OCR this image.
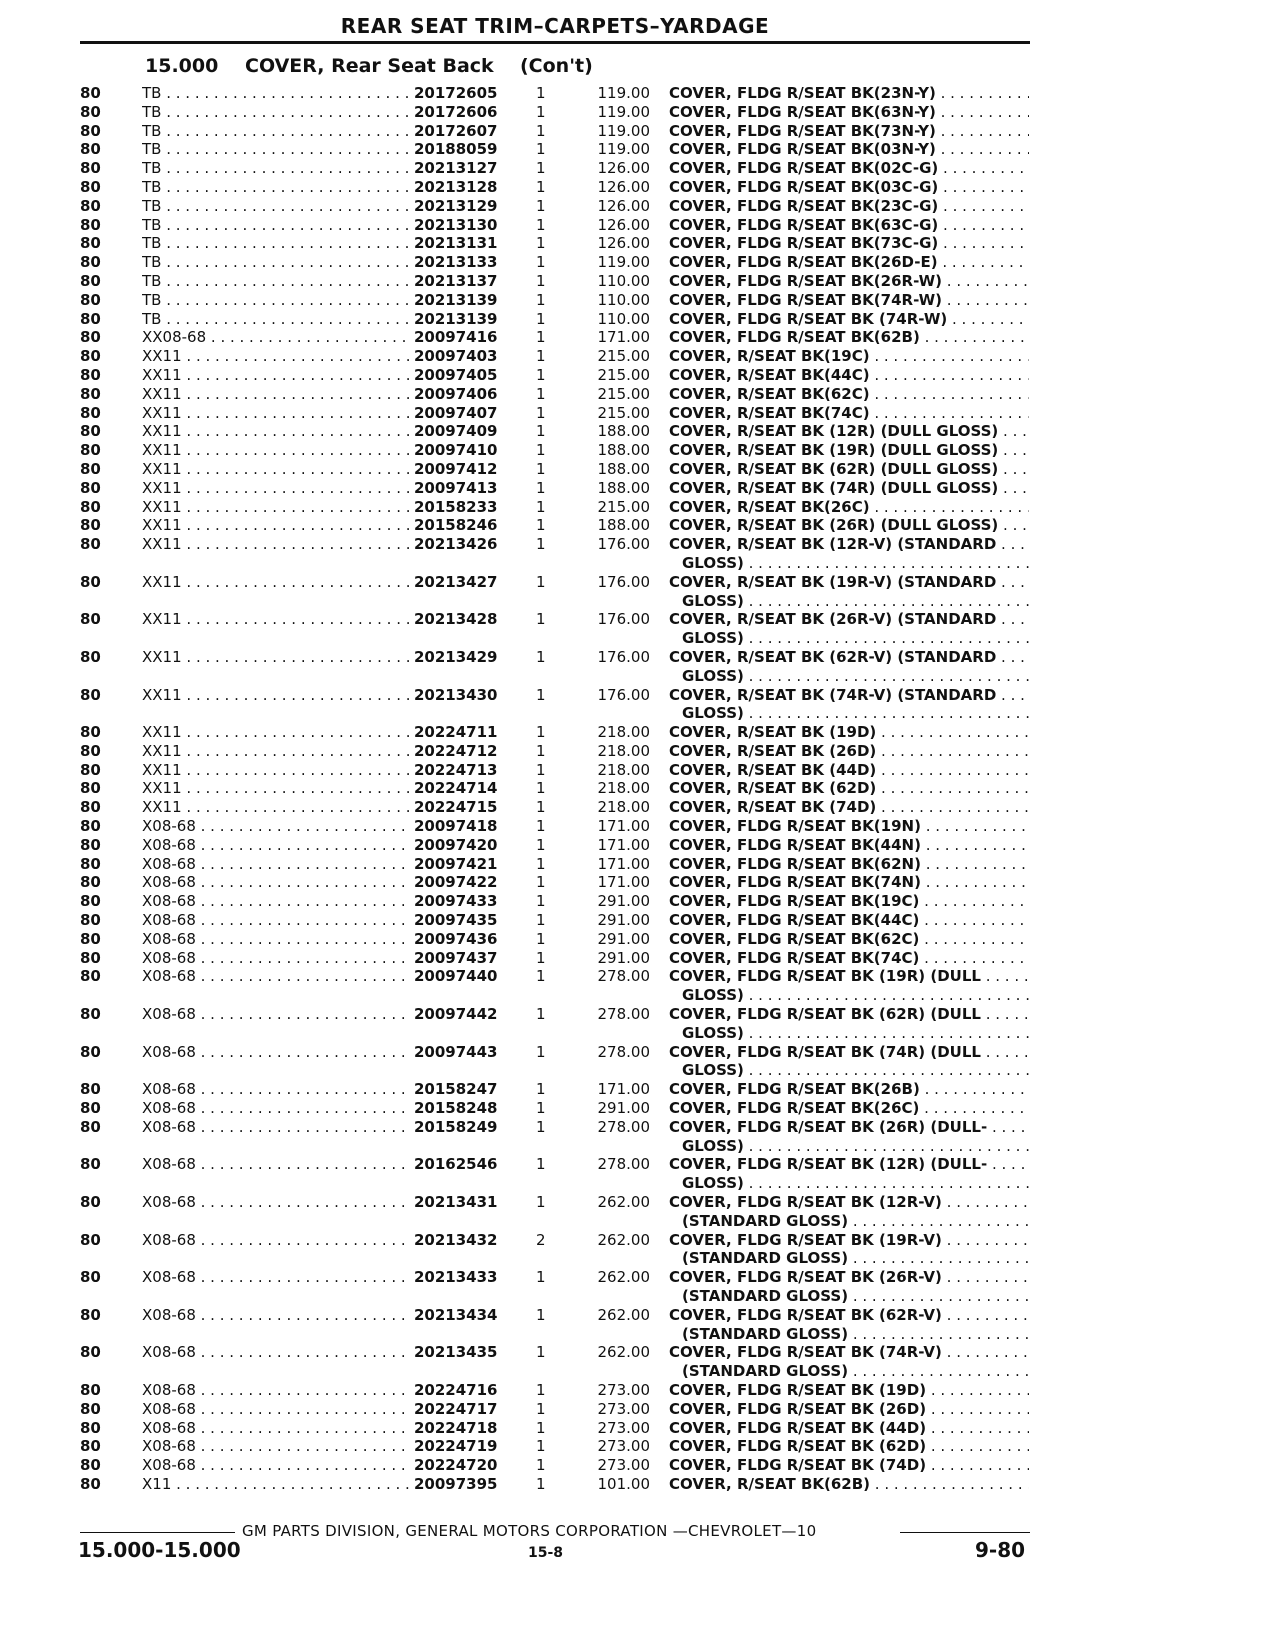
REAR SEAT TRIM–CARPETS–YARDAGE
15.000 COVER, Rear Seat Back (Con't)
80	TB . . .	20172605	1	119.00 COVER, FLDG R/SEAT BK(23N-Y) . . .
80	TB . . .	20172606	1	119.00 COVER, FLDG R/SEAT BK(63N-Y) . . .
80	TB . . .	20172607	1	119.00 COVER, FLDG R/SEAT BK(73N-Y) . . .
80	TB . . .	20188059	1	119.00 COVER, FLDG R/SEAT BK(03N-Y) . . .
80	TB . . .	20213127	1	126.00 COVER, FLDG R/SEAT BK(02C-G) . . .
80	TB . . .	20213128	1	126.00 COVER, FLDG R/SEAT BK(03C-G) . . .
80	TB . . .	20213129	1	126.00 COVER, FLDG R/SEAT BK(23C-G) . . .
80	TB . . .	20213130	1	126.00 COVER, FLDG R/SEAT BK(63C-G) . . .
80	TB . . .	20213131	1	126.00 COVER, FLDG R/SEAT BK(73C-G) . . .
80	TB . . .	20213133	1	119.00 COVER, FLDG R/SEAT BK(26D-E) . . .
80	TB . . .	20213137	1	110.00 COVER, FLDG R/SEAT BK(26R-W) . . .
80	TB . . .	20213139	1	110.00 COVER, FLDG R/SEAT BK(74R-W) . . .
80	TB . . .	20213139	1	110.00 COVER, FLDG R/SEAT BK (74R-W) . . .
80	XX08-68 . . .	20097416	1	171.00 COVER, FLDG R/SEAT BK(62B) . . .
80	XX11 . . .	20097403	1	215.00 COVER, R/SEAT BK(19C) . . .
80	XX11 . . .	20097405	1	215.00 COVER, R/SEAT BK(44C) . . .
80	XX11 . . .	20097406	1	215.00 COVER, R/SEAT BK(62C) . . .
80	XX11 . . .	20097407	1	215.00 COVER, R/SEAT BK(74C) . . .
80	XX11 . . .	20097409	1	188.00 COVER, R/SEAT BK (12R) (DULL GLOSS) . . .
80	XX11 . . .	20097410	1	188.00 COVER, R/SEAT BK (19R) (DULL GLOSS) . . .
80	XX11 . . .	20097412	1	188.00 COVER, R/SEAT BK (62R) (DULL GLOSS) . . .
80	XX11 . . .	20097413	1	188.00 COVER, R/SEAT BK (74R) (DULL GLOSS) . . .
80	XX11 . . .	20158233	1	215.00 COVER, R/SEAT BK(26C) . . .
80	XX11 . . .	20158246	1	188.00 COVER, R/SEAT BK (26R) (DULL GLOSS) . . .
80	XX11 . . .	20213426	1	176.00 COVER, R/SEAT BK (12R-V) (STANDARD . . .
GLOSS) . . .
80	XX11 . . .	20213427	1	176.00 COVER, R/SEAT BK (19R-V) (STANDARD . . .
GLOSS) . . .
80	XX11 . . .	20213428	1	176.00 COVER, R/SEAT BK (26R-V) (STANDARD . . .
GLOSS) . . .
80	XX11 . . .	20213429	1	176.00 COVER, R/SEAT BK (62R-V) (STANDARD . . .
GLOSS) . . .
80	XX11 . . .	20213430	1	176.00 COVER, R/SEAT BK (74R-V) (STANDARD . . .
GLOSS) . . .
80	XX11 . . .	20224711	1	218.00 COVER, R/SEAT BK (19D) . . .
80	XX11 . . .	20224712	1	218.00 COVER, R/SEAT BK (26D) . . .
80	XX11 . . .	20224713	1	218.00 COVER, R/SEAT BK (44D) . . .
80	XX11 . . .	20224714	1	218.00 COVER, R/SEAT BK (62D) . . .
80	XX11 . . .	20224715	1	218.00 COVER, R/SEAT BK (74D) . . .
80	X08-68 . . .	20097418	1	171.00 COVER, FLDG R/SEAT BK(19N) . . .
80	X08-68 . . .	20097420	1	171.00 COVER, FLDG R/SEAT BK(44N) . . .
80	X08-68 . . .	20097421	1	171.00 COVER, FLDG R/SEAT BK(62N) . . .
80	X08-68 . . .	20097422	1	171.00 COVER, FLDG R/SEAT BK(74N) . . .
80	X08-68 . . .	20097433	1	291.00 COVER, FLDG R/SEAT BK(19C) . . .
80	X08-68 . . .	20097435	1	291.00 COVER, FLDG R/SEAT BK(44C) . . .
80	X08-68 . . .	20097436	1	291.00 COVER, FLDG R/SEAT BK(62C) . . .
80	X08-68 . . .	20097437	1	291.00 COVER, FLDG R/SEAT BK(74C) . . .
80	X08-68 . . .	20097440	1	278.00 COVER, FLDG R/SEAT BK (19R) (DULL . . .
GLOSS) . . .
80	X08-68 . . .	20097442	1	278.00 COVER, FLDG R/SEAT BK (62R) (DULL . . .
GLOSS) . . .
80	X08-68 . . .	20097443	1	278.00 COVER, FLDG R/SEAT BK (74R) (DULL . . .
GLOSS) . . .
80	X08-68 . . .	20158247	1	171.00 COVER, FLDG R/SEAT BK(26B) . . .
80	X08-68 . . .	20158248	1	291.00 COVER, FLDG R/SEAT BK(26C) . . .
80	X08-68 . . .	20158249	1	278.00 COVER, FLDG R/SEAT BK (26R) (DULL- . . .
GLOSS) . . .
80	X08-68 . . .	20162546	1	278.00 COVER, FLDG R/SEAT BK (12R) (DULL- . . .
GLOSS) . . .
80	X08-68 . . .	20213431	1	262.00 COVER, FLDG R/SEAT BK (12R-V) . . .
(STANDARD GLOSS) . . .
80	X08-68 . . .	20213432	2	262.00 COVER, FLDG R/SEAT BK (19R-V) . . .
(STANDARD GLOSS) . . .
80	X08-68 . . .	20213433	1	262.00 COVER, FLDG R/SEAT BK (26R-V) . . .
(STANDARD GLOSS) . . .
80	X08-68 . . .	20213434	1	262.00 COVER, FLDG R/SEAT BK (62R-V) . . .
(STANDARD GLOSS) . . .
80	X08-68 . . .	20213435	1	262.00 COVER, FLDG R/SEAT BK (74R-V) . . .
(STANDARD GLOSS) . . .
80	X08-68 . . .	20224716	1	273.00 COVER, FLDG R/SEAT BK (19D) . . .
80	X08-68 . . .	20224717	1	273.00 COVER, FLDG R/SEAT BK (26D) . . .
80	X08-68 . . .	20224718	1	273.00 COVER, FLDG R/SEAT BK (44D) . . .
80	X08-68 . . .	20224719	1	273.00 COVER, FLDG R/SEAT BK (62D) . . .
80	X08-68 . . .	20224720	1	273.00 COVER, FLDG R/SEAT BK (74D) . . .
80	X11 . . .	20097395	1	101.00 COVER, R/SEAT BK(62B) . . .
GM PARTS DIVISION, GENERAL MOTORS CORPORATION —CHEVROLET—10
15.000-15.000	15-8	9-80
